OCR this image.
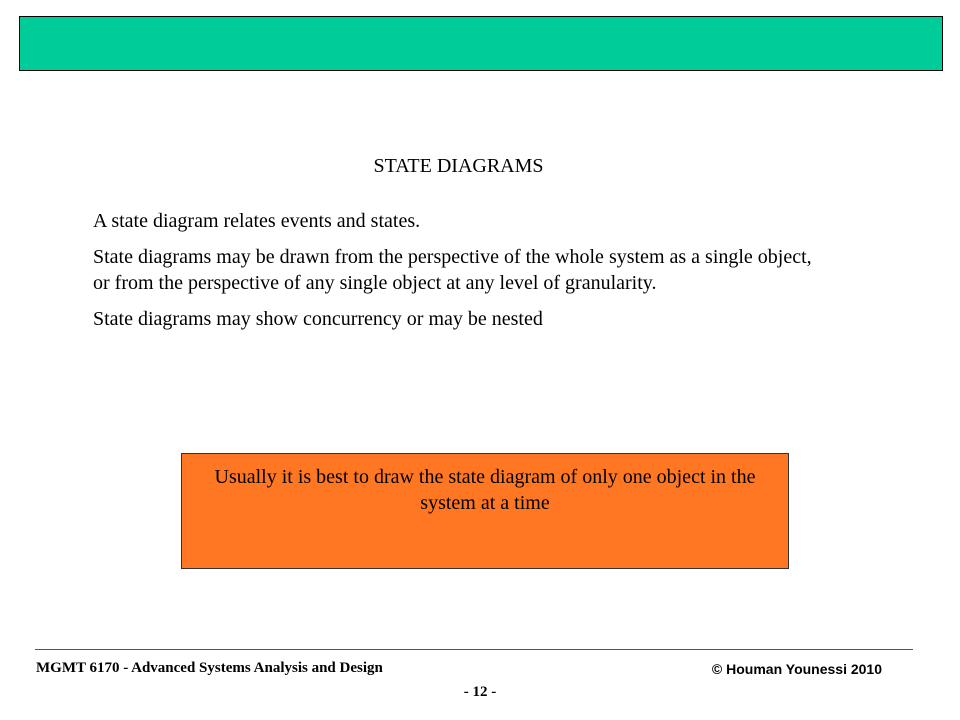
STATE DIAGRAMS

A state diagram relates events and states.

State diagrams may be drawn from the perspective of the whole system as a single object, or from the perspective of any single object at any level of granularity.

State diagrams may show concurrency or may be nested

Usually it is best to draw the state diagram of only one object in the system at a time
MGMT 6170 - Advanced Systems Analysis and Design	© Houman Younessi 2010
- 12 -
